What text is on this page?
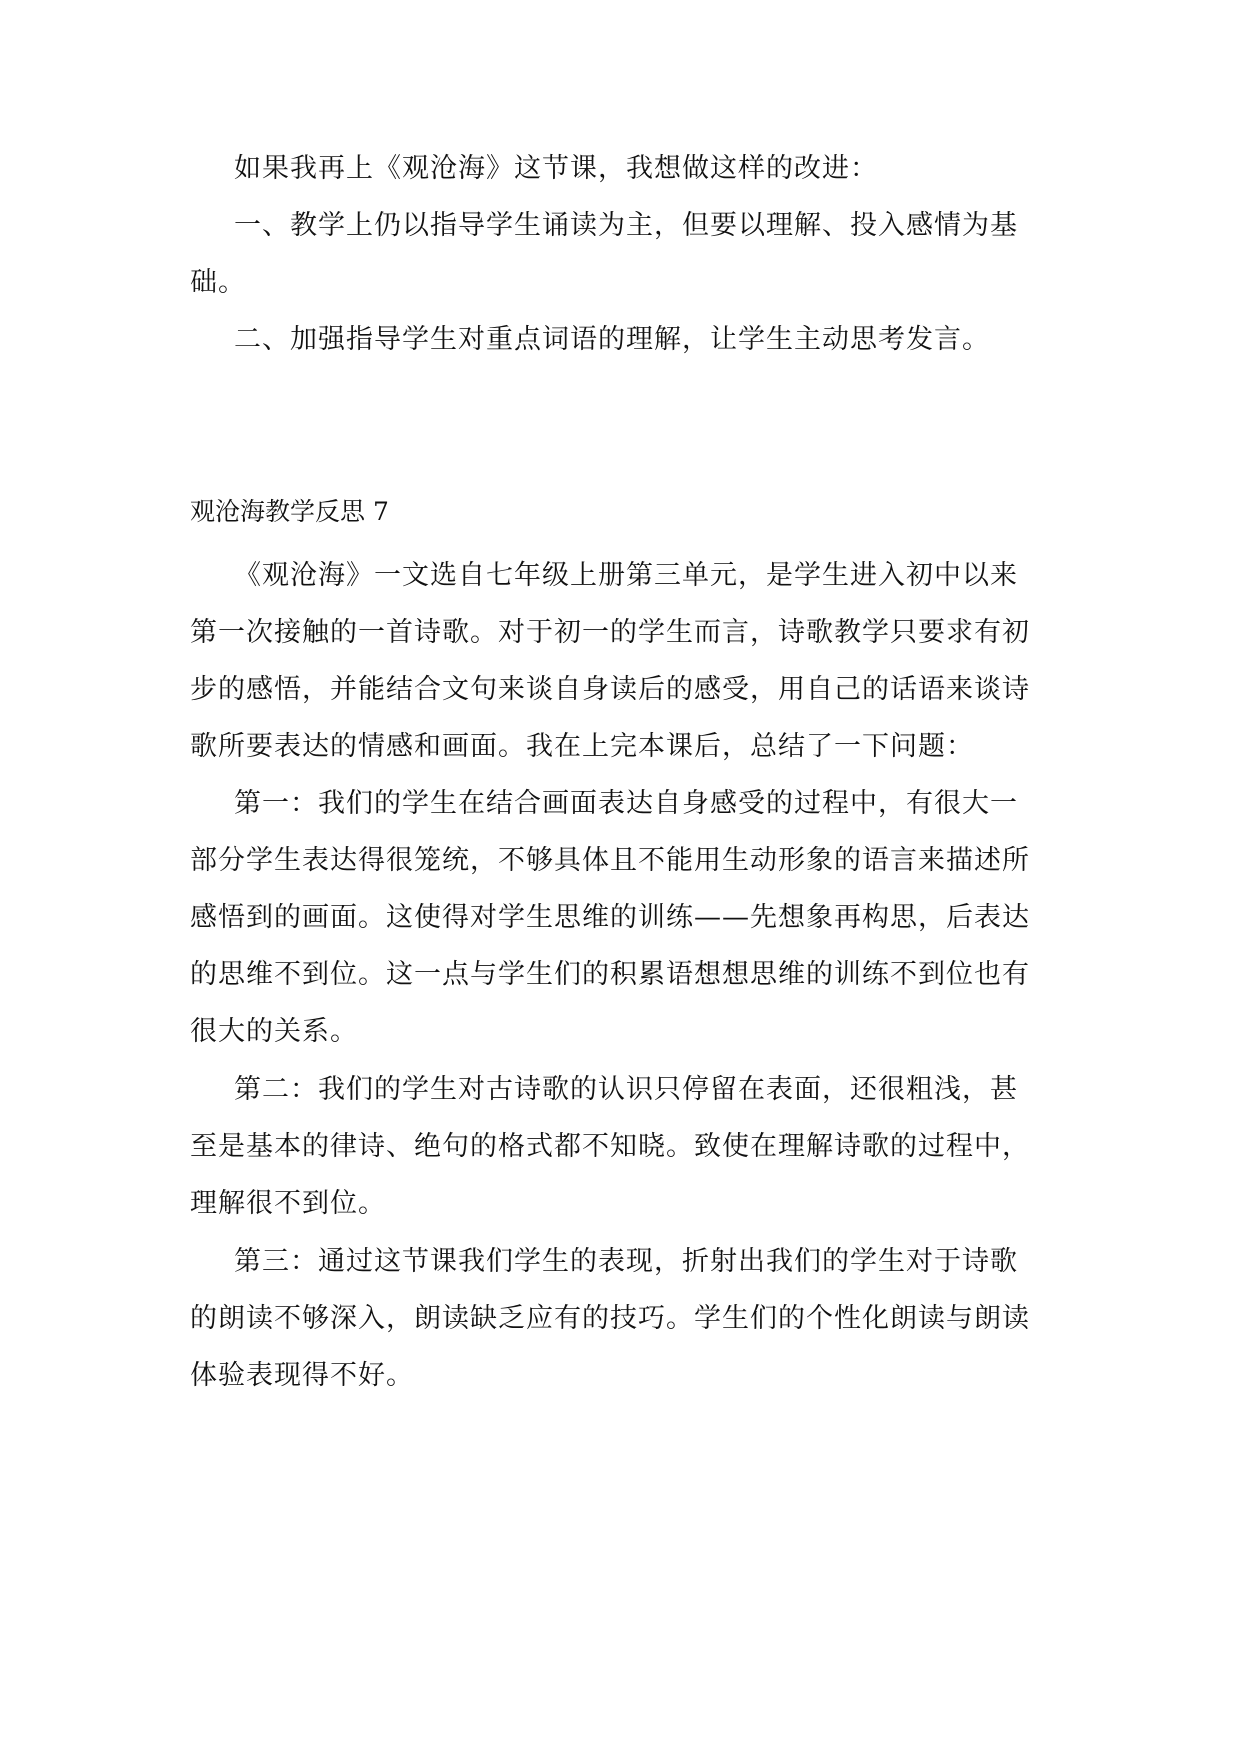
如果我再上《观沧海》这节课，我想做这样的改进：
一、教学上仍以指导学生诵读为主，但要以理解、投入感情为基
础。
二、加强指导学生对重点词语的理解，让学生主动思考发言。
观沧海教学反思 7
《观沧海》一文选自七年级上册第三单元，是学生进入初中以来
第一次接触的一首诗歌。对于初一的学生而言，诗歌教学只要求有初
步的感悟，并能结合文句来谈自身读后的感受，用自己的话语来谈诗
歌所要表达的情感和画面。我在上完本课后，总结了一下问题：
第一：我们的学生在结合画面表达自身感受的过程中，有很大一
部分学生表达得很笼统，不够具体且不能用生动形象的语言来描述所
感悟到的画面。这使得对学生思维的训练——先想象再构思，后表达
的思维不到位。这一点与学生们的积累语想想思维的训练不到位也有
很大的关系。
第二：我们的学生对古诗歌的认识只停留在表面，还很粗浅，甚
至是基本的律诗、绝句的格式都不知晓。致使在理解诗歌的过程中，
理解很不到位。
第三：通过这节课我们学生的表现，折射出我们的学生对于诗歌
的朗读不够深入，朗读缺乏应有的技巧。学生们的个性化朗读与朗读
体验表现得不好。
